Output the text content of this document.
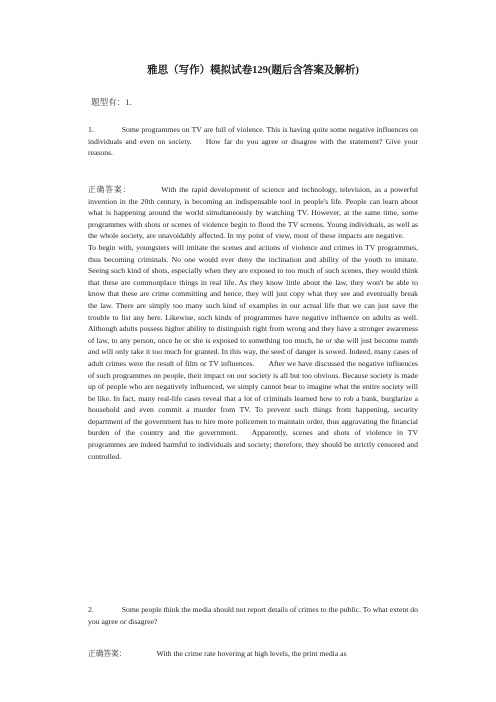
雅思（写作）模拟试卷129(题后含答案及解析)
题型有：1.
1.	Some programmes on TV are full of violence. This is having quite some negative influences on individuals and even on society. How far do you agree or disagree with the statement? Give your reasons.
正确答案：	With the rapid development of science and technology, television, as a powerful invention in the 20th century, is becoming an indispensable tool in people's life. People can learn about what is happening around the world simultaneously by watching TV. However, at the same time, some programmes with shots or scenes of violence begin to flood the TV screens. Young individuals, as well as the whole society, are unavoidably affected. In my point of view, most of these impacts are negative.To begin with, youngsters will imitate the scenes and actions of violence and crimes in TV programmes, thus becoming criminals. No one would ever deny the inclination and ability of the youth to imitate. Seeing such kind of shots, especially when they are exposed to too much of such scenes, they would think that these are commonplace things in real life. As they know little about the law, they won't be able to know that these are crime committing and hence, they will just copy what they see and eventually break the law. There are simply too many such kind of examples in our actual life that we can just save the trouble to list any here. Likewise, such kinds of programmes have negative influence on adults as well. Although adults possess higher ability to distinguish right from wrong and they have a stronger awareness of law, to any person, once he or she is exposed to something too much, he or she will just become numb and will only take it too much for granted. In this way, the seed of danger is sowed. Indeed, many cases of adult crimes were the result of film or TV influences. After we have discussed the negative influences of such programmes on people, their impact on our society is all but too obvious. Because society is made up of people who are negatively influenced, we simply cannot bear to imagine what the entire society will be like. In fact, many real-life cases reveal that a lot of criminals learned how to rob a bank, burglarize a household and even commit a murder from TV. To prevent such things from happening, security department of the government has to hire more policemen to maintain order, thus aggravating the financial burden of the country and the government. Apparently, scenes and shots of violence in TV programmes are indeed harmful to individuals and society; therefore, they should be strictly censored and controlled.
2.	Some people think the media should not report details of crimes to the public. To what extent do you agree or disagree?
正确答案：	With the crime rate hovering at high levels, the print media as
